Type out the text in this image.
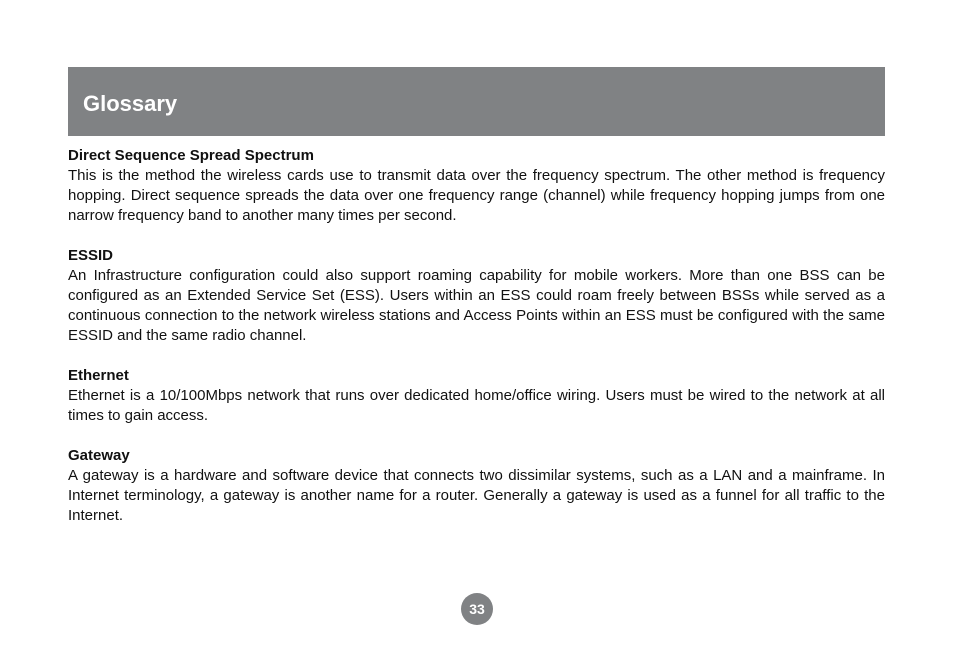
Glossary

Direct Sequence Spread Spectrum

This is the method the wireless cards use to transmit data over the frequency spectrum. The other method is frequency hopping. Direct sequence spreads the data over one frequency range (channel) while frequency hopping jumps from one narrow frequency band to another many times per second.

ESSID

An Infrastructure configuration could also support roaming capability for mobile workers. More than one BSS can be configured as an Extended Service Set (ESS). Users within an ESS could roam freely between BSSs while served as a continuous connection to the network wireless stations and Access Points within an ESS must be configured with the same ESSID and the same radio channel.

Ethernet

Ethernet is a 10/100Mbps network that runs over dedicated home/office wiring. Users must be wired to the network at all times to gain access.

Gateway

A gateway is a hardware and software device that connects two dissimilar systems, such as a LAN and a mainframe. In Internet terminology, a gateway is another name for a router. Generally a gateway is used as a funnel for all traffic to the Internet.

33
